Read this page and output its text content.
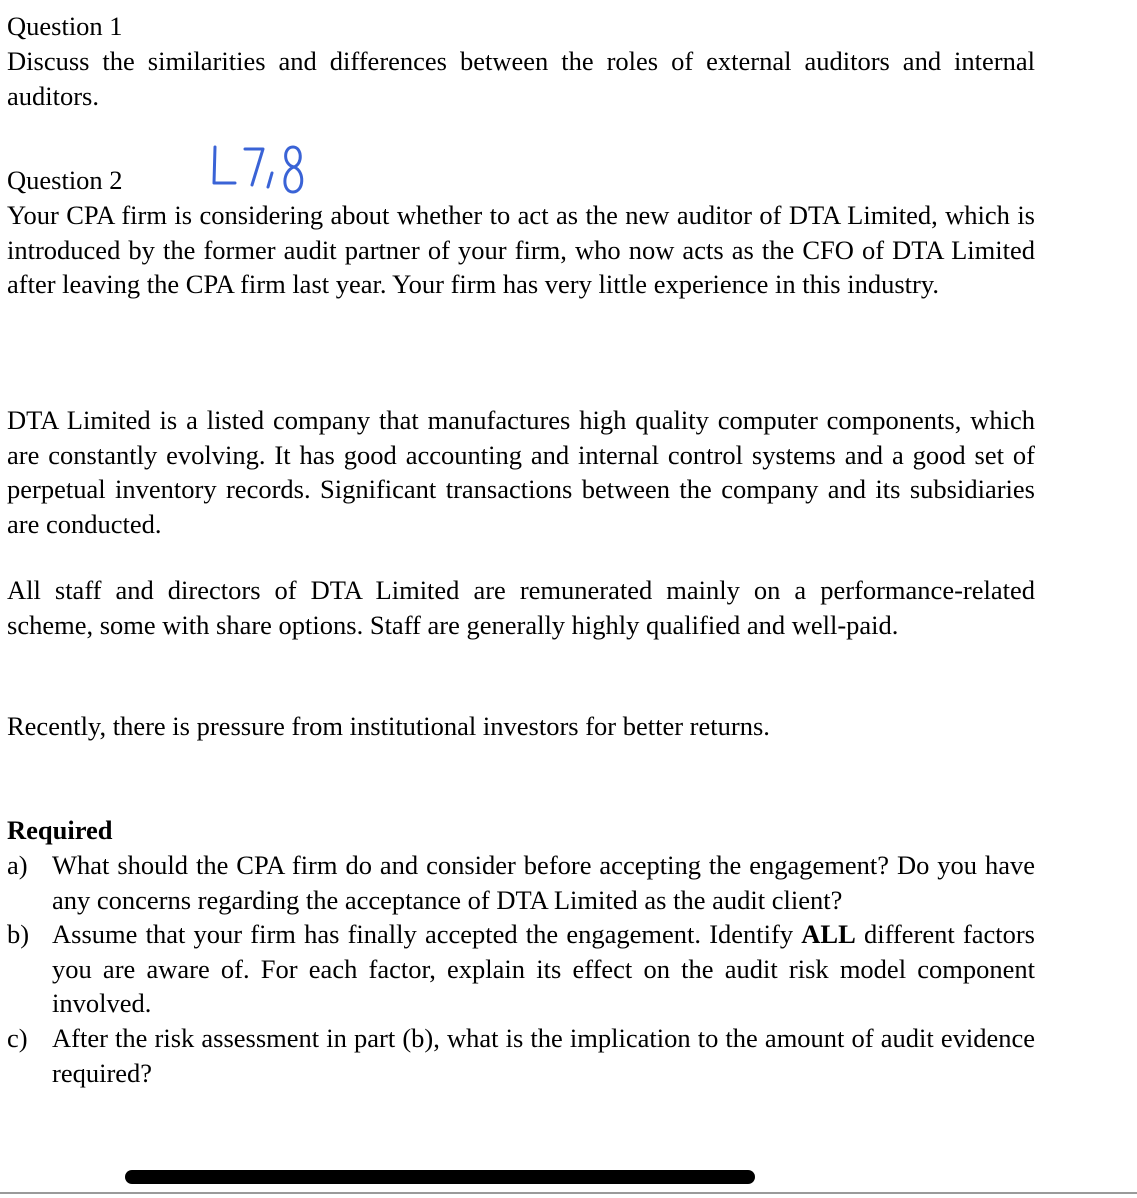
Question 1
Discuss the similarities and differences between the roles of external auditors and internal auditors.
Question 2
Your CPA firm is considering about whether to act as the new auditor of DTA Limited, which is introduced by the former audit partner of your firm, who now acts as the CFO of DTA Limited after leaving the CPA firm last year. Your firm has very little experience in this industry.
DTA Limited is a listed company that manufactures high quality computer components, which are constantly evolving. It has good accounting and internal control systems and a good set of perpetual inventory records. Significant transactions between the company and its subsidiaries are conducted.
All staff and directors of DTA Limited are remunerated mainly on a performance-related scheme, some with share options. Staff are generally highly qualified and well-paid.
Recently, there is pressure from institutional investors for better returns.
Required
a) What should the CPA firm do and consider before accepting the engagement? Do you have any concerns regarding the acceptance of DTA Limited as the audit client?
b) Assume that your firm has finally accepted the engagement. Identify ALL different factors you are aware of. For each factor, explain its effect on the audit risk model component involved.
c) After the risk assessment in part (b), what is the implication to the amount of audit evidence required?
